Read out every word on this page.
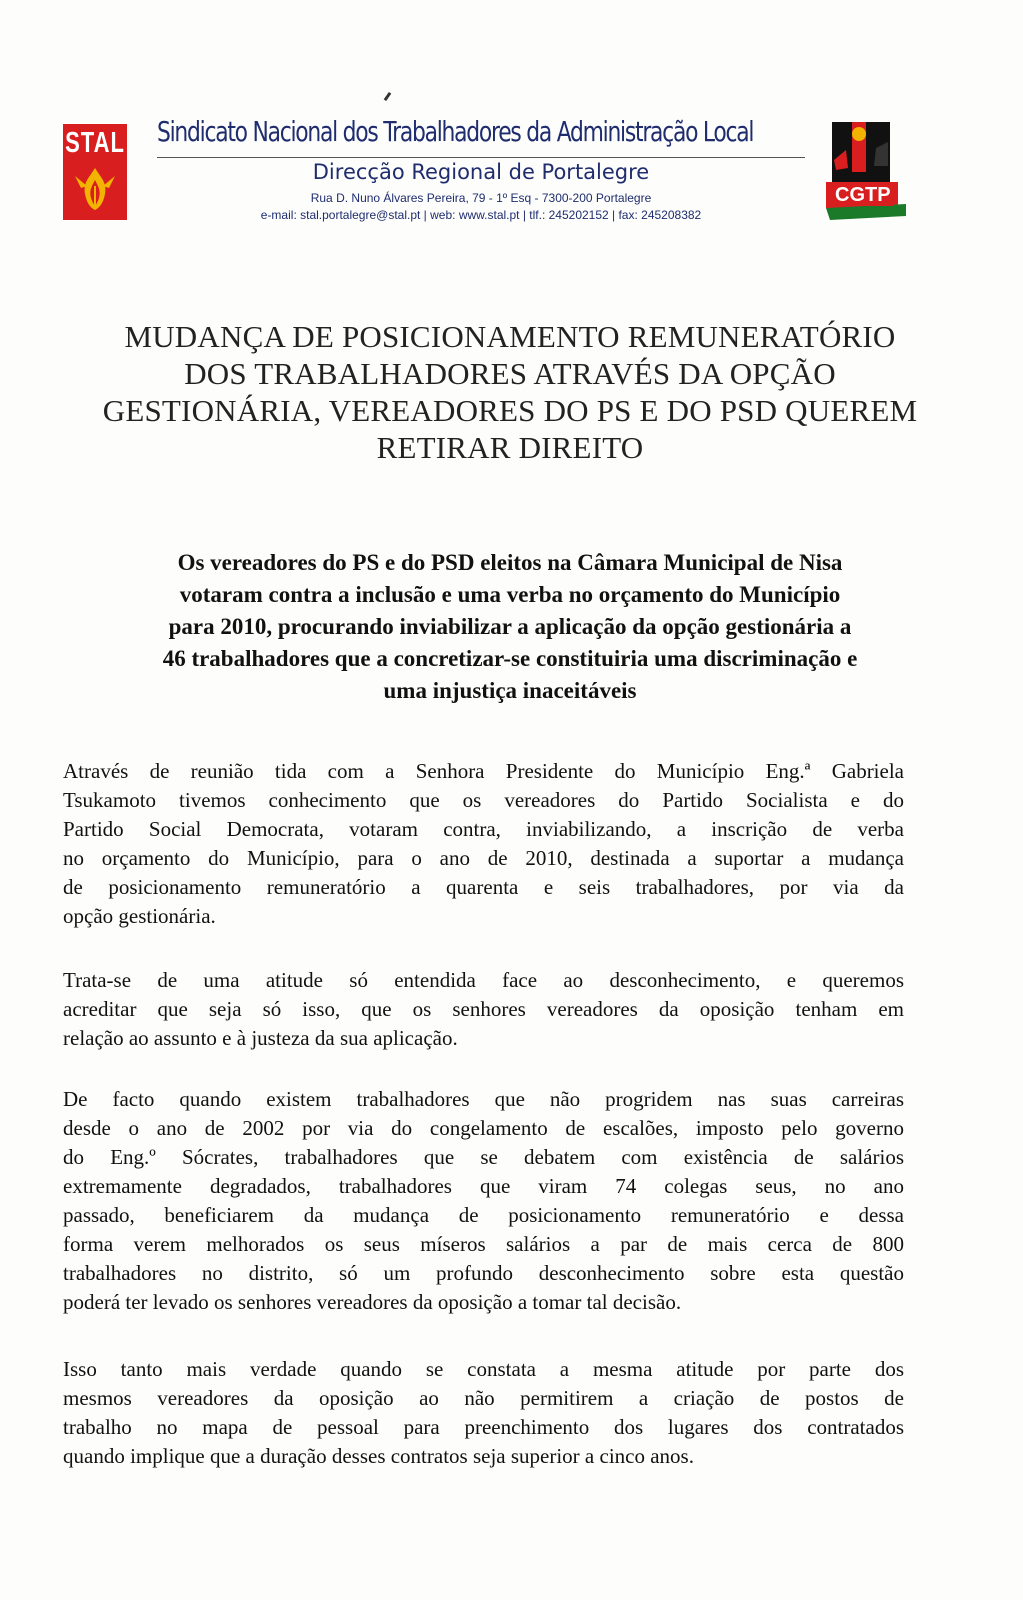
STAL Sindicato Nacional dos Trabalhadores da Administração Local
Direcção Regional de Portalegre
Rua D. Nuno Álvares Pereira, 79 - 1º Esq - 7300-200 Portalegre
e-mail: stal.portalegre@stal.pt | web: www.stal.pt | tlf.: 245202152 | fax: 245208382
CGTP
MUDANÇA DE POSICIONAMENTO REMUNERATÓRIO
DOS TRABALHADORES ATRAVÉS DA OPÇÃO
GESTIONÁRIA, VEREADORES DO PS E DO PSD QUEREM
RETIRAR DIREITO
Os vereadores do PS e do PSD eleitos na Câmara Municipal de Nisa
votaram contra a inclusão e uma verba no orçamento do Município
para 2010, procurando inviabilizar a aplicação da opção gestionária a
46 trabalhadores que a concretizar-se constituiria uma discriminação e
uma injustiça inaceitáveis
Através de reunião tida com a Senhora Presidente do Município Eng.ª Gabriela
Tsukamoto tivemos conhecimento que os vereadores do Partido Socialista e do
Partido Social Democrata, votaram contra, inviabilizando, a inscrição de verba
no orçamento do Município, para o ano de 2010, destinada a suportar a mudança
de posicionamento remuneratório a quarenta e seis trabalhadores, por via da
opção gestionária.
Trata-se de uma atitude só entendida face ao desconhecimento, e queremos
acreditar que seja só isso, que os senhores vereadores da oposição tenham em
relação ao assunto e à justeza da sua aplicação.
De facto quando existem trabalhadores que não progridem nas suas carreiras
desde o ano de 2002 por via do congelamento de escalões, imposto pelo governo
do Eng.º Sócrates, trabalhadores que se debatem com existência de salários
extremamente degradados, trabalhadores que viram 74 colegas seus, no ano
passado, beneficiarem da mudança de posicionamento remuneratório e dessa
forma verem melhorados os seus míseros salários a par de mais cerca de 800
trabalhadores no distrito, só um profundo desconhecimento sobre esta questão
poderá ter levado os senhores vereadores da oposição a tomar tal decisão.
Isso tanto mais verdade quando se constata a mesma atitude por parte dos
mesmos vereadores da oposição ao não permitirem a criação de postos de
trabalho no mapa de pessoal para preenchimento dos lugares dos contratados
quando implique que a duração desses contratos seja superior a cinco anos.
